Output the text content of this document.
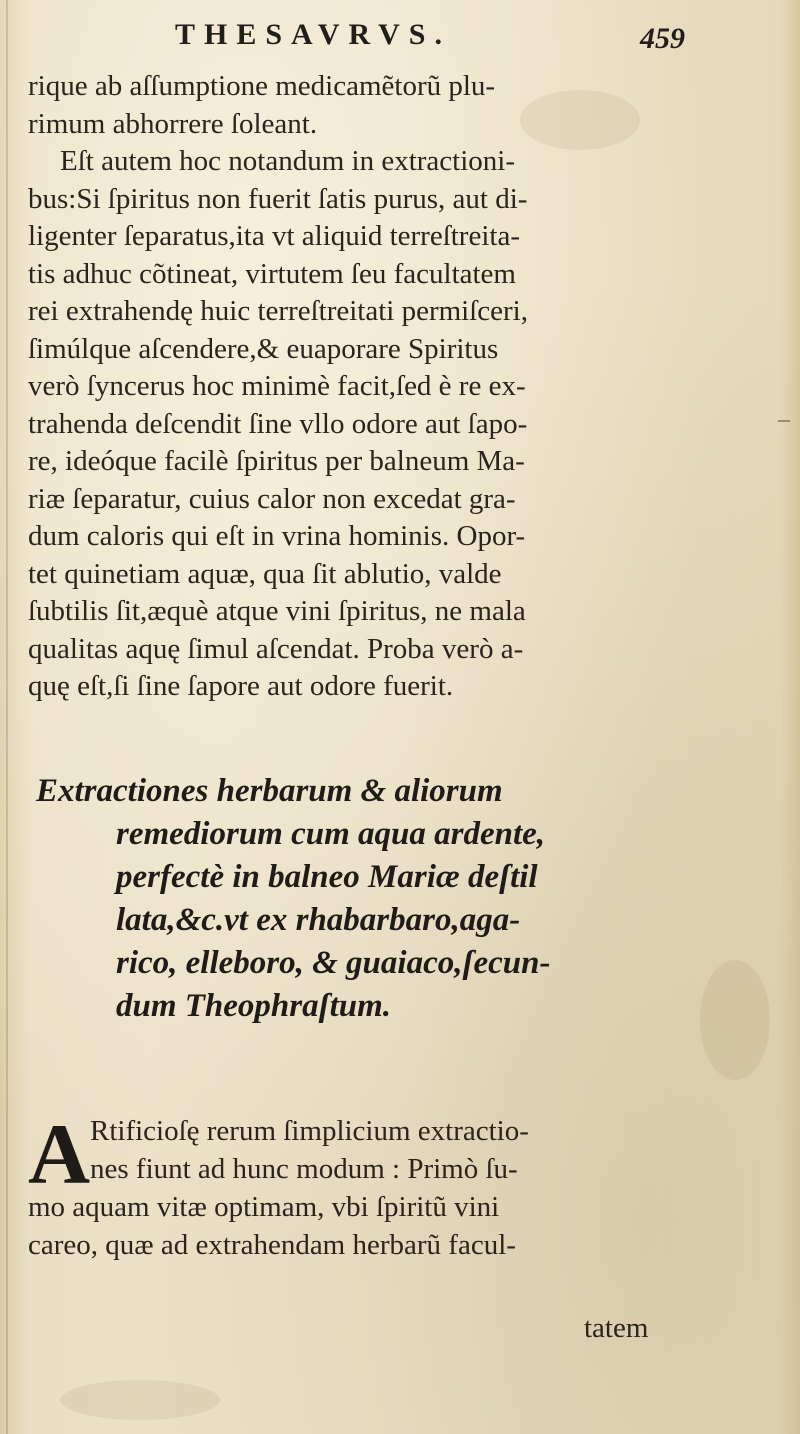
THESAVRVS.	459
rique ab aſſumptione medicamẽtorũ plu-
rimum abhorrere ſoleant.
Eſt autem hoc notandum in extractioni-
bus:Si ſpiritus non fuerit ſatis purus, aut di-
ligenter ſeparatus,ita vt aliquid terreſtreita-
tis adhuc cõtineat, virtutem ſeu facultatem
rei extrahendę huic terreſtreitati permiſceri,
ſimúlque aſcendere,& euaporare Spiritus
verò ſyncerus hoc minimè facit,ſed è re ex-
trahenda deſcendit ſine vllo odore aut ſapo-
re, ideóque facilè ſpiritus per balneum Ma-
riæ ſeparatur, cuius calor non excedat gra-
dum caloris qui eſt in vrina hominis. Opor-
tet quinetiam aquæ, qua ſit ablutio, valde
ſubtilis ſit,æquè atque vini ſpiritus, ne mala
qualitas aquę ſimul aſcendat. Proba verò a-
quę eſt,ſi ſine ſapore aut odore fuerit.
Extractiones herbarum & aliorum
remediorum cum aqua ardente,
perfectè in balneo Mariæ deſtil
lata,&c.vt ex rhabarbaro,aga-
rico, elleboro, & guaiaco,ſecun-
dum Theophraſtum.
A Rtificioſę rerum ſimplicium extractio-
nes fiunt ad hunc modum : Primò ſu-
mo aquam vitæ optimam, vbi ſpiritũ vini
careo, quæ ad extrahendam herbarũ facul-
tatem
